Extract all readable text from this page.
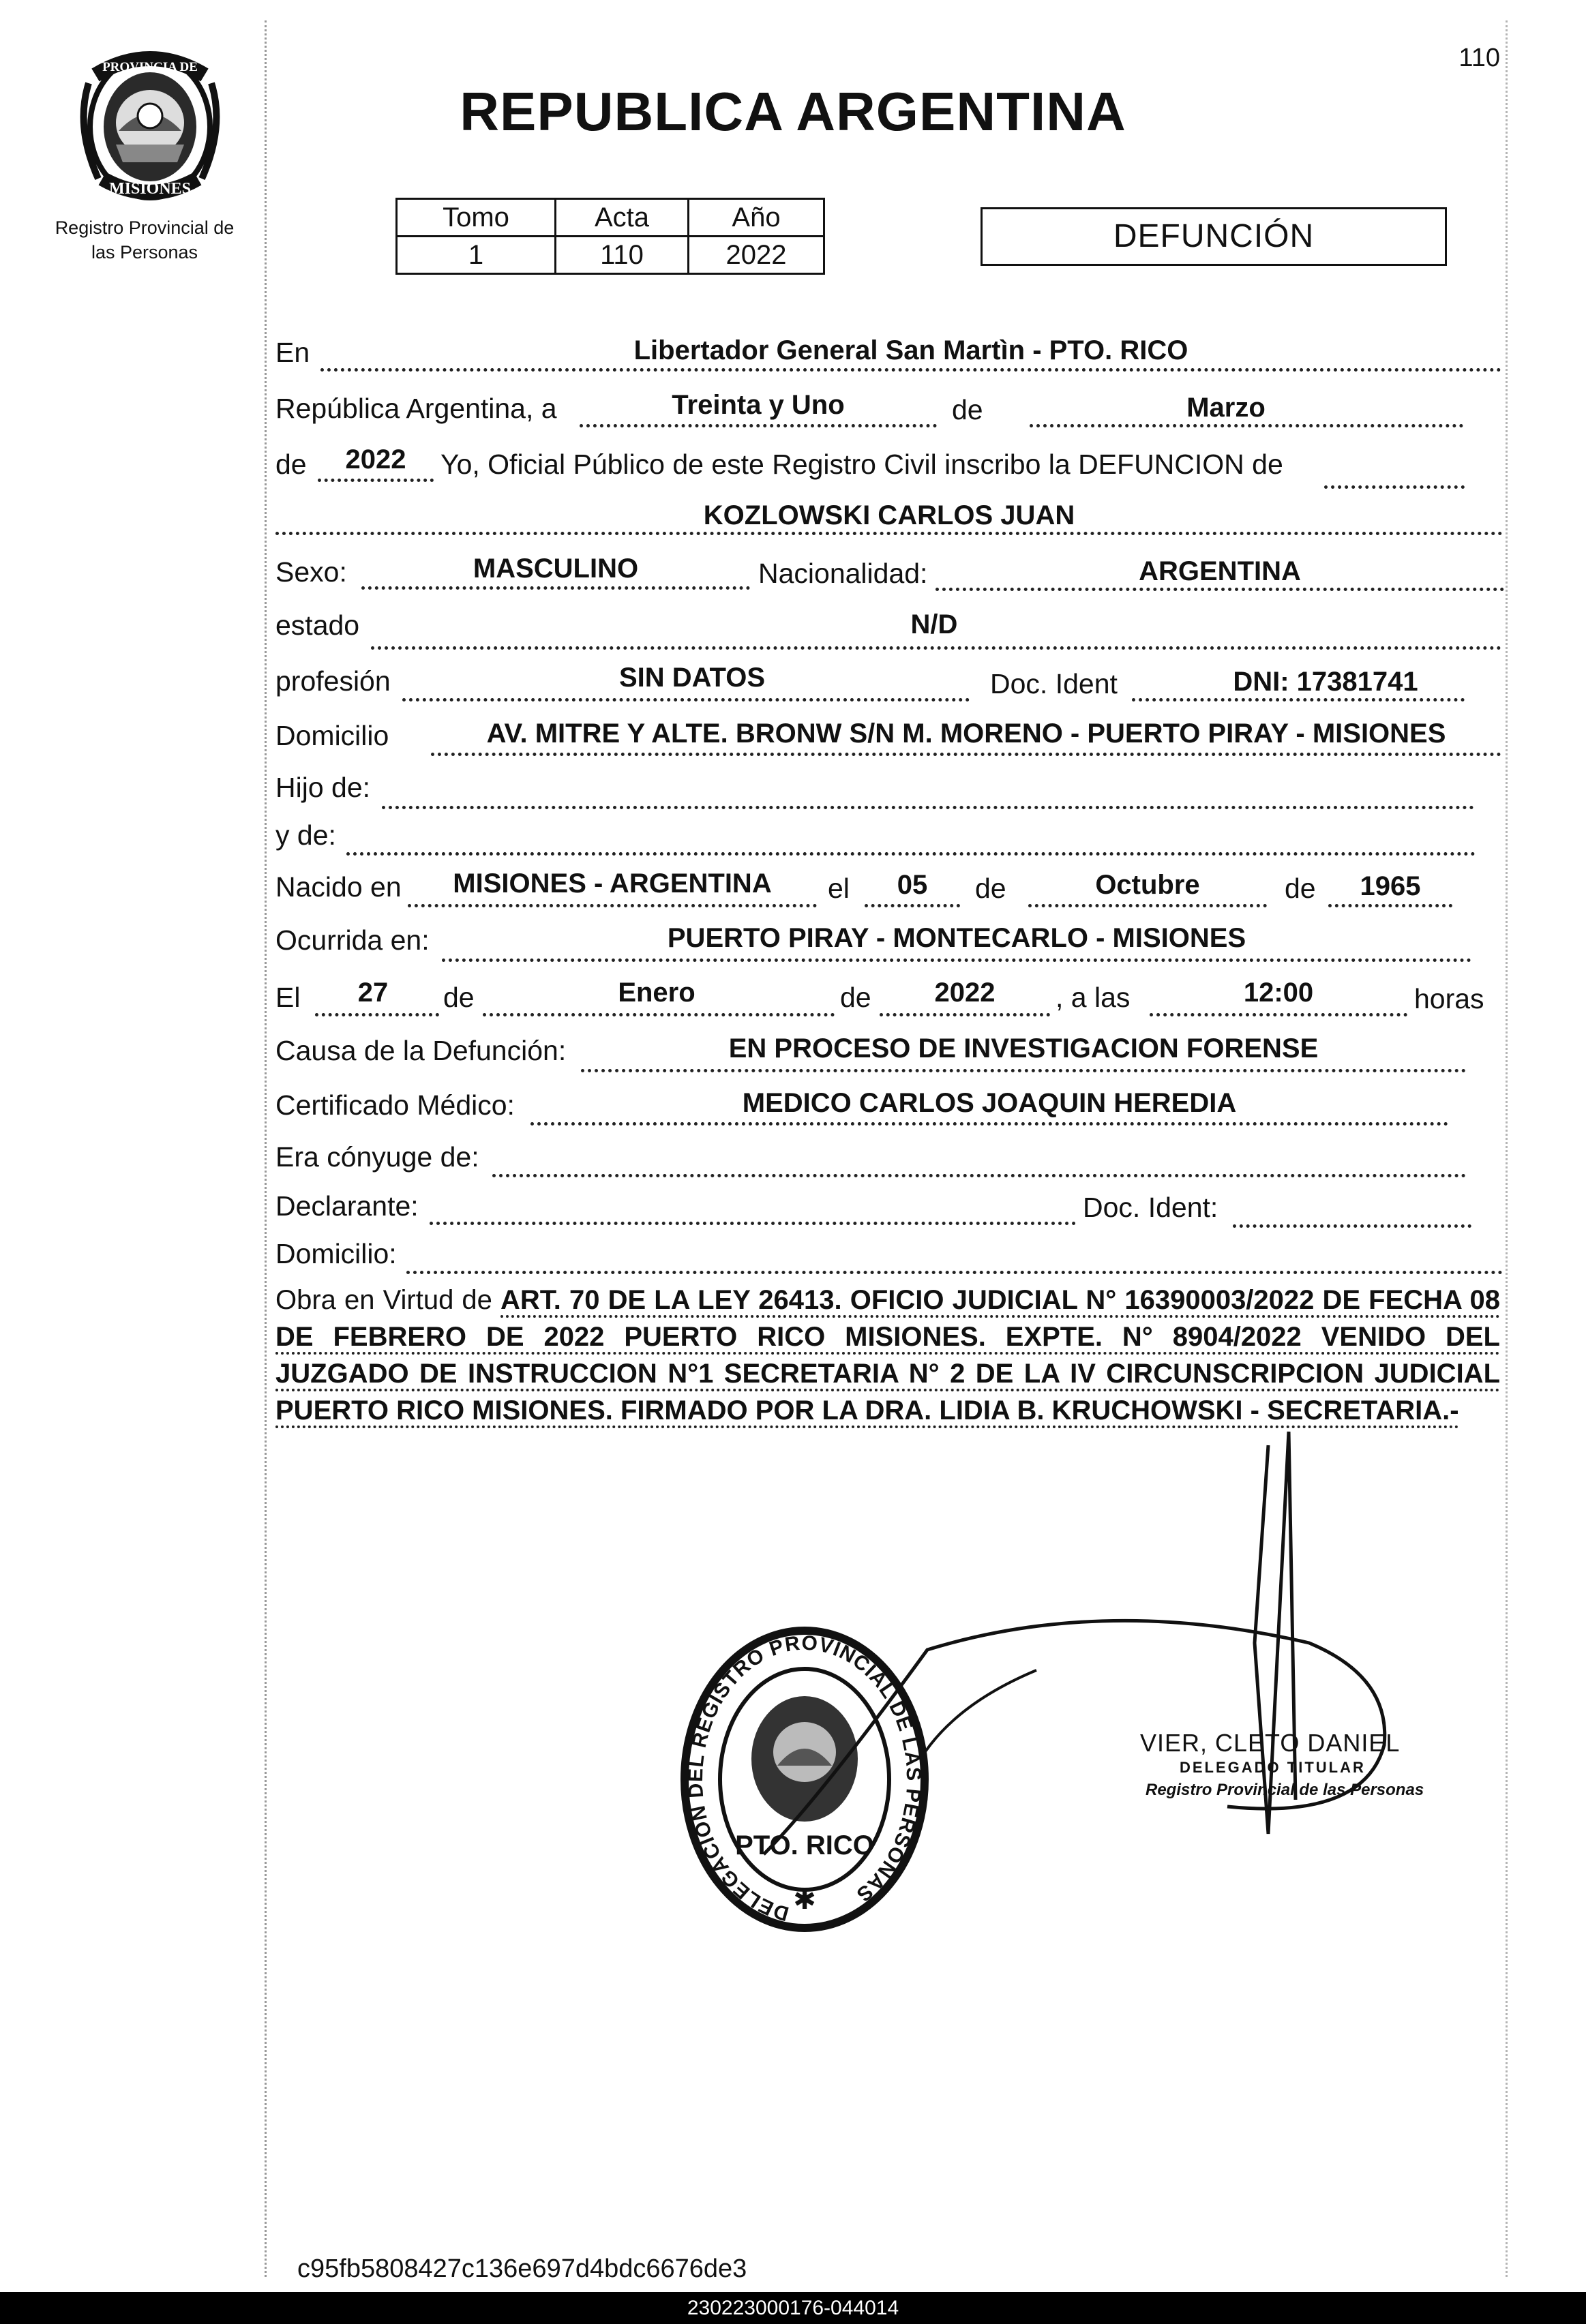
110
PROVINCIA DE
MISIONES
Registro Provincial de
las Personas
REPUBLICA ARGENTINA
Tomo	Acta	Año
1	110	2022
DEFUNCIÓN
En	Libertador General San Martìn - PTO. RICO
República Argentina, a	Treinta y Uno	de	Marzo
de	2022	Yo, Oficial Público de este Registro Civil inscribo la DEFUNCION de
KOZLOWSKI CARLOS JUAN
Sexo:	MASCULINO	Nacionalidad:	ARGENTINA
estado	N/D
profesión	SIN DATOS	Doc. Ident	DNI: 17381741
Domicilio	AV. MITRE Y ALTE. BRONW S/N M. MORENO - PUERTO PIRAY - MISIONES
Hijo de:
y de:
Nacido en	MISIONES - ARGENTINA	el	05	de	Octubre	de	1965
Ocurrida en:	PUERTO PIRAY - MONTECARLO - MISIONES
El	27	de	Enero	de	2022	, a las	12:00	horas
Causa de la Defunción:	EN PROCESO DE INVESTIGACION FORENSE
Certificado Médico:	MEDICO CARLOS JOAQUIN HEREDIA
Era cónyuge de:
Declarante:	Doc. Ident:
Domicilio:
Obra en Virtud de ART. 70 DE LA LEY 26413. OFICIO JUDICIAL N° 16390003/2022 DE FECHA 08 DE FEBRERO DE 2022 PUERTO RICO MISIONES. EXPTE. N° 8904/2022 VENIDO DEL JUZGADO DE INSTRUCCION N°1 SECRETARIA N° 2 DE LA IV CIRCUNSCRIPCION JUDICIAL PUERTO RICO MISIONES. FIRMADO POR LA DRA. LIDIA B. KRUCHOWSKI - SECRETARIA.-
DELEGACION DEL REGISTRO PROVINCIAL DE LAS PERSONAS
PTO. RICO
✱
VIER, CLETO DANIEL
DELEGADO TITULAR
Registro Provincial de las Personas
c95fb5808427c136e697d4bdc6676de3
230223000176-044014
